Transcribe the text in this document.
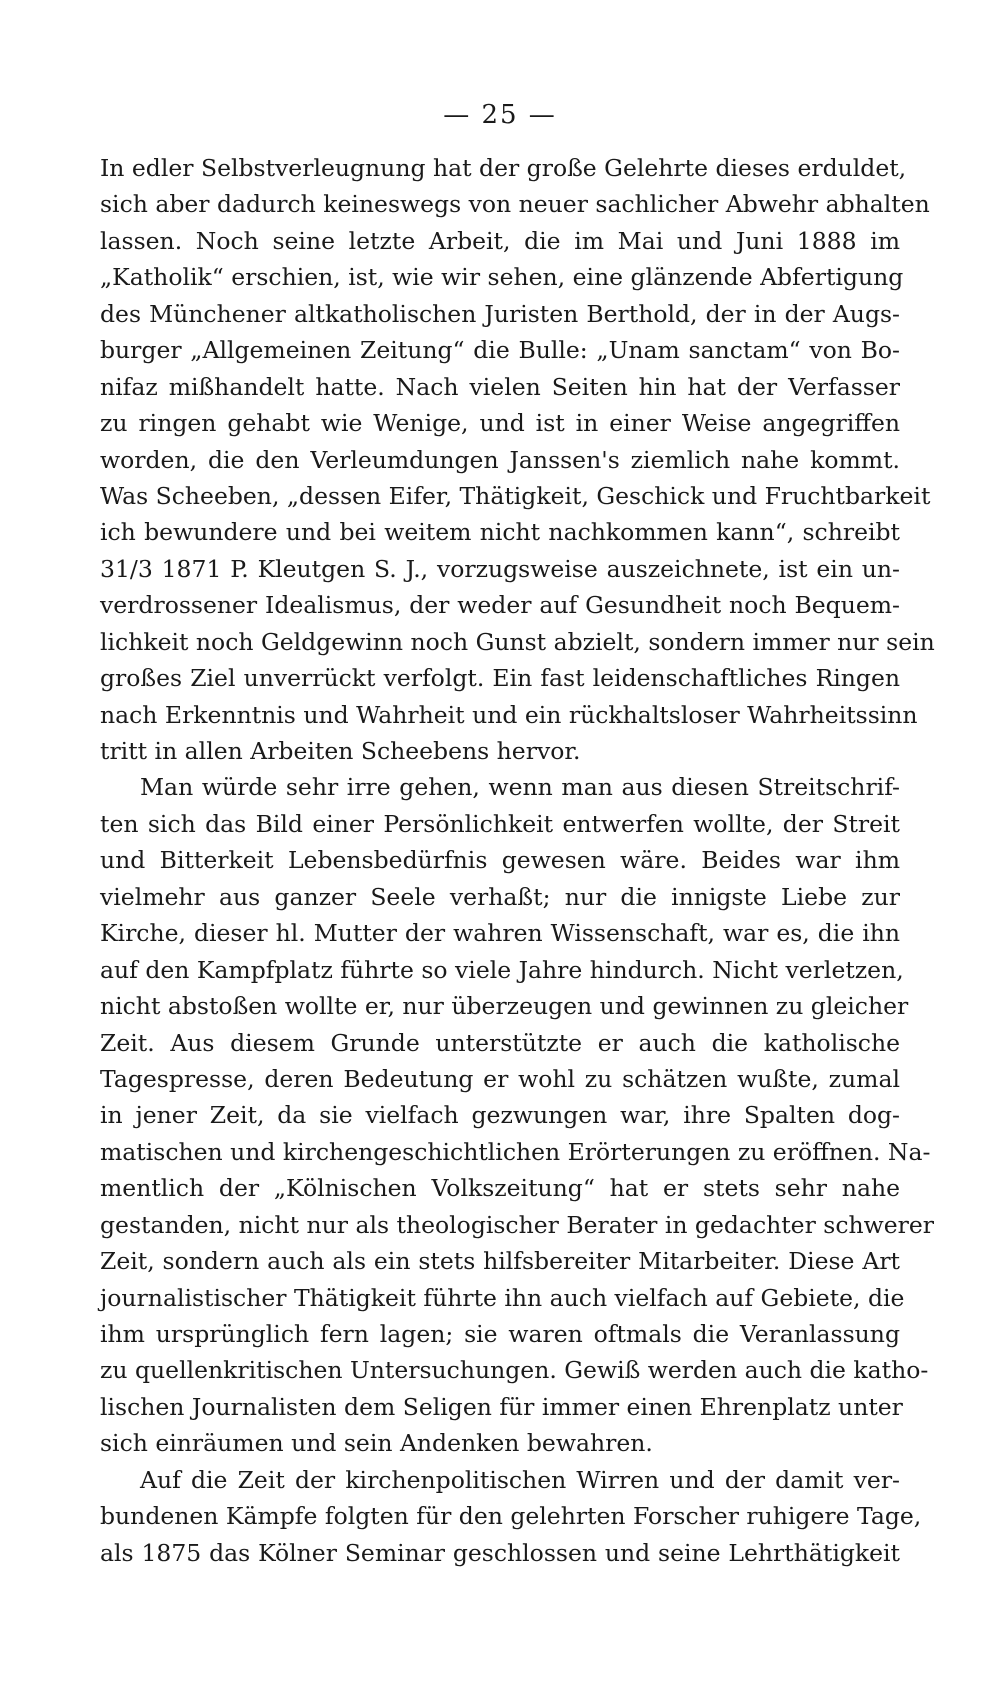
— 25 —
In edler Selbstverleugnung hat der große Gelehrte dieses erduldet,
sich aber dadurch keineswegs von neuer sachlicher Abwehr abhalten
lassen. Noch seine letzte Arbeit, die im Mai und Juni 1888 im
„Katholik“ erschien, ist, wie wir sehen, eine glänzende Abfertigung
des Münchener altkatholischen Juristen Berthold, der in der Augs-
burger „Allgemeinen Zeitung“ die Bulle: „Unam sanctam“ von Bo-
nifaz mißhandelt hatte. Nach vielen Seiten hin hat der Verfasser
zu ringen gehabt wie Wenige, und ist in einer Weise angegriffen
worden, die den Verleumdungen Janssen's ziemlich nahe kommt.
Was Scheeben, „dessen Eifer, Thätigkeit, Geschick und Fruchtbarkeit
ich bewundere und bei weitem nicht nachkommen kann“, schreibt
31/3 1871 P. Kleutgen S. J., vorzugsweise auszeichnete, ist ein un-
verdrossener Idealismus, der weder auf Gesundheit noch Bequem-
lichkeit noch Geldgewinn noch Gunst abzielt, sondern immer nur sein
großes Ziel unverrückt verfolgt. Ein fast leidenschaftliches Ringen
nach Erkenntnis und Wahrheit und ein rückhaltsloser Wahrheitssinn
tritt in allen Arbeiten Scheebens hervor.
Man würde sehr irre gehen, wenn man aus diesen Streitschrif-
ten sich das Bild einer Persönlichkeit entwerfen wollte, der Streit
und Bitterkeit Lebensbedürfnis gewesen wäre. Beides war ihm
vielmehr aus ganzer Seele verhaßt; nur die innigste Liebe zur
Kirche, dieser hl. Mutter der wahren Wissenschaft, war es, die ihn
auf den Kampfplatz führte so viele Jahre hindurch. Nicht verletzen,
nicht abstoßen wollte er, nur überzeugen und gewinnen zu gleicher
Zeit. Aus diesem Grunde unterstützte er auch die katholische
Tagespresse, deren Bedeutung er wohl zu schätzen wußte, zumal
in jener Zeit, da sie vielfach gezwungen war, ihre Spalten dog-
matischen und kirchengeschichtlichen Erörterungen zu eröffnen. Na-
mentlich der „Kölnischen Volkszeitung“ hat er stets sehr nahe
gestanden, nicht nur als theologischer Berater in gedachter schwerer
Zeit, sondern auch als ein stets hilfsbereiter Mitarbeiter. Diese Art
journalistischer Thätigkeit führte ihn auch vielfach auf Gebiete, die
ihm ursprünglich fern lagen; sie waren oftmals die Veranlassung
zu quellenkritischen Untersuchungen. Gewiß werden auch die katho-
lischen Journalisten dem Seligen für immer einen Ehrenplatz unter
sich einräumen und sein Andenken bewahren.
Auf die Zeit der kirchenpolitischen Wirren und der damit ver-
bundenen Kämpfe folgten für den gelehrten Forscher ruhigere Tage,
als 1875 das Kölner Seminar geschlossen und seine Lehrthätigkeit
